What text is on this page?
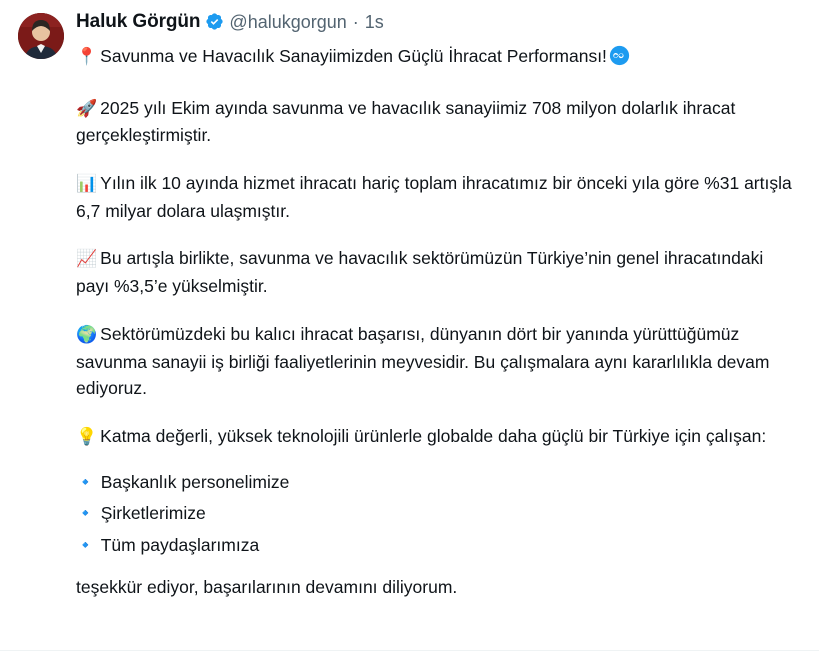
Haluk Görgün @halukgorgun · 1s

📍 Savunma ve Havacılık Sanayiimizden Güçlü İhracat Performansı!

🚀 2025 yılı Ekim ayında savunma ve havacılık sanayiimiz 708 milyon dolarlık ihracat gerçekleştirmiştir.

📊 Yılın ilk 10 ayında hizmet ihracatı hariç toplam ihracatımız bir önceki yıla göre %31 artışla 6,7 milyar dolara ulaşmıştır.

📈 Bu artışla birlikte, savunma ve havacılık sektörümüzün Türkiye’nin genel ihracatındaki payı %3,5’e yükselmiştir.

🌍 Sektörümüzdeki bu kalıcı ihracat başarısı, dünyanın dört bir yanında yürüttüğümüz savunma sanayii iş birliği faaliyetlerinin meyvesidir. Bu çalışmalara aynı kararlılıkla devam ediyoruz.

💡 Katma değerli, yüksek teknolojili ürünlerle globalde daha güçlü bir Türkiye için çalışan:

🔹 Başkanlık personelimize
🔹 Şirketlerimize
🔹 Tüm paydaşlarımıza

teşekkür ediyor, başarılarının devamını diliyorum.
